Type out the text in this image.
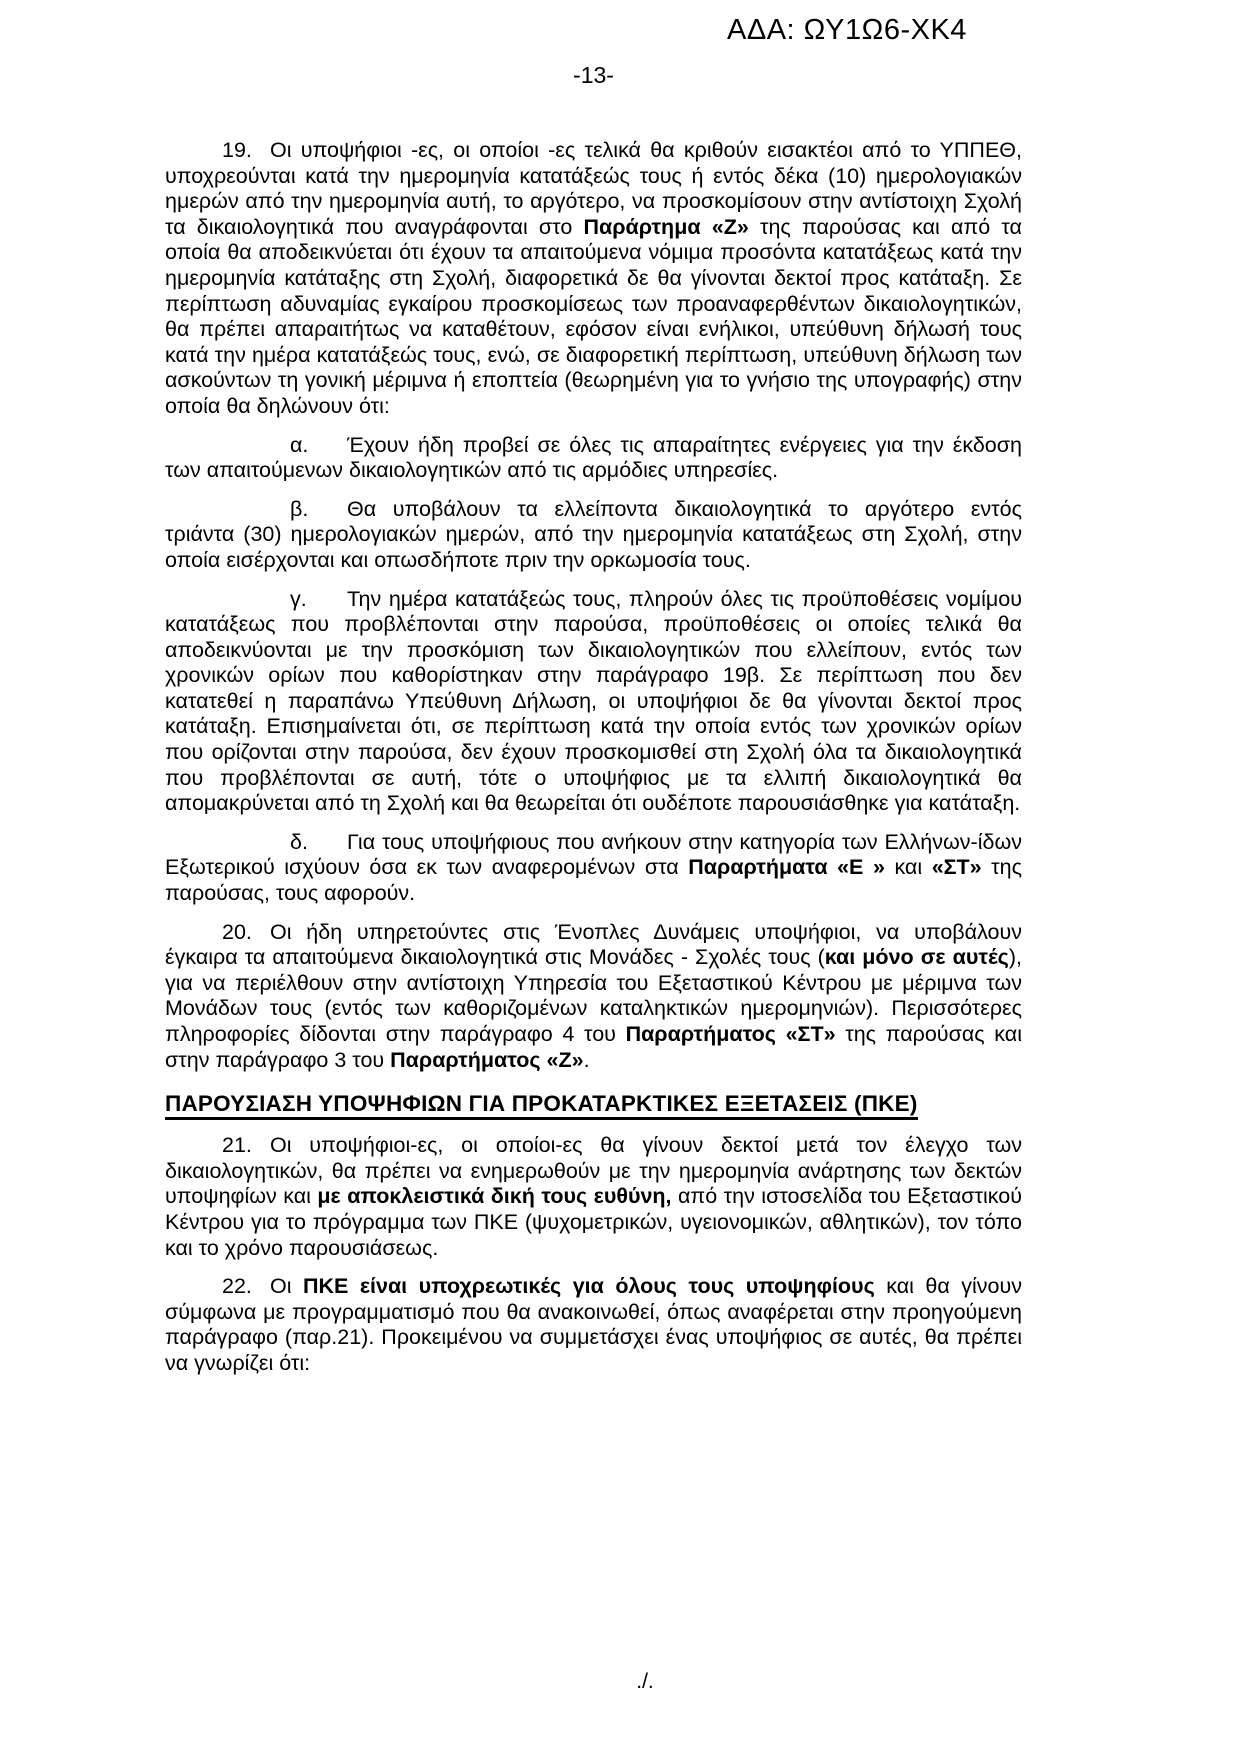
ΑΔΑ: ΩΥ1Ω6-ΧΚ4
-13-

19. Οι υποψήφιοι -ες, οι οποίοι -ες τελικά θα κριθούν εισακτέοι από το ΥΠΠΕΘ, υποχρεούνται κατά την ημερομηνία κατατάξεώς τους ή εντός δέκα (10) ημερολογιακών ημερών από την ημερομηνία αυτή, το αργότερο, να προσκομίσουν στην αντίστοιχη Σχολή τα δικαιολογητικά που αναγράφονται στο Παράρτημα «Ζ» της παρούσας και από τα οποία θα αποδεικνύεται ότι έχουν τα απαιτούμενα νόμιμα προσόντα κατατάξεως κατά την ημερομηνία κατάταξης στη Σχολή, διαφορετικά δε θα γίνονται δεκτοί προς κατάταξη. Σε περίπτωση αδυναμίας εγκαίρου προσκομίσεως των προαναφερθέντων δικαιολογητικών, θα πρέπει απαραιτήτως να καταθέτουν, εφόσον είναι ενήλικοι, υπεύθυνη δήλωσή τους κατά την ημέρα κατατάξεώς τους, ενώ, σε διαφορετική περίπτωση, υπεύθυνη δήλωση των ασκούντων τη γονική μέριμνα ή εποπτεία (θεωρημένη για το γνήσιο της υπογραφής) στην οποία θα δηλώνουν ότι:

α. Έχουν ήδη προβεί σε όλες τις απαραίτητες ενέργειες για την έκδοση των απαιτούμενων δικαιολογητικών από τις αρμόδιες υπηρεσίες.

β. Θα υποβάλουν τα ελλείποντα δικαιολογητικά το αργότερο εντός τριάντα (30) ημερολογιακών ημερών, από την ημερομηνία κατατάξεως στη Σχολή, στην οποία εισέρχονται και οπωσδήποτε πριν την ορκωμοσία τους.

γ. Την ημέρα κατατάξεώς τους, πληρούν όλες τις προϋποθέσεις νομίμου κατατάξεως που προβλέπονται στην παρούσα, προϋποθέσεις οι οποίες τελικά θα αποδεικνύονται με την προσκόμιση των δικαιολογητικών που ελλείπουν, εντός των χρονικών ορίων που καθορίστηκαν στην παράγραφο 19β. Σε περίπτωση που δεν κατατεθεί η παραπάνω Υπεύθυνη Δήλωση, οι υποψήφιοι δε θα γίνονται δεκτοί προς κατάταξη. Επισημαίνεται ότι, σε περίπτωση κατά την οποία εντός των χρονικών ορίων που ορίζονται στην παρούσα, δεν έχουν προσκομισθεί στη Σχολή όλα τα δικαιολογητικά που προβλέπονται σε αυτή, τότε ο υποψήφιος με τα ελλιπή δικαιολογητικά θα απομακρύνεται από τη Σχολή και θα θεωρείται ότι ουδέποτε παρουσιάσθηκε για κατάταξη.

δ. Για τους υποψήφιους που ανήκουν στην κατηγορία των Ελλήνων-ίδων Εξωτερικού ισχύουν όσα εκ των αναφερομένων στα Παραρτήματα «Ε » και «ΣΤ» της παρούσας, τους αφορούν.

20. Οι ήδη υπηρετούντες στις Ένοπλες Δυνάμεις υποψήφιοι, να υποβάλουν έγκαιρα τα απαιτούμενα δικαιολογητικά στις Μονάδες - Σχολές τους (και μόνο σε αυτές), για να περιέλθουν στην αντίστοιχη Υπηρεσία του Εξεταστικού Κέντρου με μέριμνα των Μονάδων τους (εντός των καθοριζομένων καταληκτικών ημερομηνιών). Περισσότερες πληροφορίες δίδονται στην παράγραφο 4 του Παραρτήματος «ΣΤ» της παρούσας και στην παράγραφο 3 του Παραρτήματος «Ζ».

ΠΑΡΟΥΣΙΑΣΗ ΥΠΟΨΗΦΙΩΝ ΓΙΑ ΠΡΟΚΑΤΑΡΚΤΙΚΕΣ ΕΞΕΤΑΣΕΙΣ (ΠΚΕ)

21. Οι υποψήφιοι-ες, οι οποίοι-ες θα γίνουν δεκτοί μετά τον έλεγχο των δικαιολογητικών, θα πρέπει να ενημερωθούν με την ημερομηνία ανάρτησης των δεκτών υποψηφίων και με αποκλειστικά δική τους ευθύνη, από την ιστοσελίδα του Εξεταστικού Κέντρου για το πρόγραμμα των ΠΚΕ (ψυχομετρικών, υγειονομικών, αθλητικών), τον τόπο και το χρόνο παρουσιάσεως.

22. Οι ΠΚΕ είναι υποχρεωτικές για όλους τους υποψηφίους και θα γίνουν σύμφωνα με προγραμματισμό που θα ανακοινωθεί, όπως αναφέρεται στην προηγούμενη παράγραφο (παρ.21). Προκειμένου να συμμετάσχει ένας υποψήφιος σε αυτές, θα πρέπει να γνωρίζει ότι:

./.
